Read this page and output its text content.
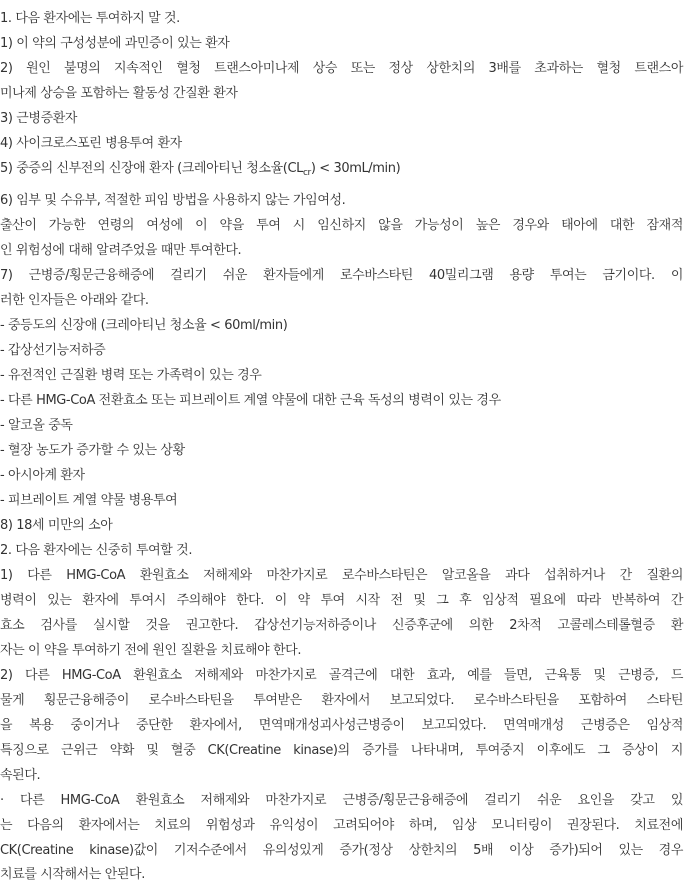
1. 다음 환자에는 투여하지 말 것.
1) 이 약의 구성성분에 과민증이 있는 환자
2) 원인 불명의 지속적인 혈청 트랜스아미나제 상승 또는 정상 상한치의 3배를 초과하는 혈청 트랜스아
미나제 상승을 포함하는 활동성 간질환 환자
3) 근병증환자
4) 사이크로스포린 병용투여 환자
5) 중증의 신부전의 신장애 환자 (크레아티닌 청소율$(CL_{cr}) < 30mL/\min$)
6) 임부 및 수유부, 적절한 피임 방법을 사용하지 않는 가임여성.
출산이 가능한 연령의 여성에 이 약을 투여 시 임신하지 않을 가능성이 높은 경우와 태아에 대한 잠재적
인 위험성에 대해 알려주었을 때만 투여한다.
7) 근병증/횡문근융해증에 걸리기 쉬운 환자들에게 로수바스타틴 40밀리그램 용량 투여는 금기이다. 이
러한 인자들은 아래와 같다.
- 중등도의 신장애 (크레아티닌 청소율 < 60ml/min)
- 갑상선기능저하증
- 유전적인 근질환 병력 또는 가족력이 있는 경우
- 다른 HMG-CoA 전환효소 또는 피브레이트 계열 약물에 대한 근육 독성의 병력이 있는 경우
- 알코올 중독
- 혈장 농도가 증가할 수 있는 상황
- 아시아계 환자
- 피브레이트 계열 약물 병용투여
8) 18세 미만의 소아
2. 다음 환자에는 신중히 투여할 것.
1) 다른 HMG-CoA 환원효소 저해제와 마찬가지로 로수바스타틴은 알코올을 과다 섭취하거나 간 질환의
병력이 있는 환자에 투여시 주의해야 한다. 이 약 투여 시작 전 및 그 후 임상적 필요에 따라 반복하여 간
효소 검사를 실시할 것을 권고한다. 갑상선기능저하증이나 신증후군에 의한 2차적 고콜레스테롤혈증 환
자는 이 약을 투여하기 전에 원인 질환을 치료해야 한다.
2) 다른 HMG-CoA 환원효소 저해제와 마찬가지로 골격근에 대한 효과, 예를 들면, 근육통 및 근병증, 드
물게 횡문근융해증이 로수바스타틴을 투여받은 환자에서 보고되었다. 로수바스타틴을 포함하여 스타틴
을 복용 중이거나 중단한 환자에서, 면역매개성괴사성근병증이 보고되었다. 면역매개성 근병증은 임상적
특징으로 근위근 약화 및 혈중 CK(Creatine kinase)의 증가를 나타내며, 투여중지 이후에도 그 증상이 지
속된다.
· 다른 HMG-CoA 환원효소 저해제와 마찬가지로 근병증/횡문근융해증에 걸리기 쉬운 요인을 갖고 있
는 다음의 환자에서는 치료의 위험성과 유익성이 고려되어야 하며, 임상 모니터링이 권장된다. 치료전에
CK(Creatine kinase)값이 기저수준에서 유의성있게 증가(정상 상한치의 5배 이상 증가)되어 있는 경우
치료를 시작해서는 안된다.
